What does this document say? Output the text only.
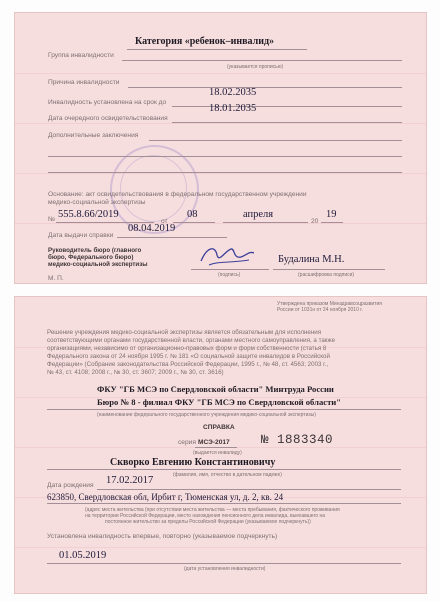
Категория «ребенок–инвалид»
Группа инвалидности
(указывается прописью)
Причина инвалидности
Инвалидность установлена на срок до
18.02.2035
Дата очередного освидетельствования
18.01.2035
Дополнительные заключения
Основание: акт освидетельствования в федеральном государственном учреждении
медико-социальной экспертизы
№ 555.8.66/2019
от
08	апреля
20
19
Дата выдачи справки
08.04.2019
Руководитель бюро (главного
бюро, Федерального бюро)
медико-социальной экспертизы
(подпись)
Будалина М.Н.
(расшифровка подписи)
М. П.
Утверждена приказом Минздравсоцразвития
России от 1031н от 24 ноября 2010 г.
Решение учреждения медико-социальной экспертизы является обязательным для исполнения
соответствующими органами государственной власти, органами местного самоуправления, а также
организациями, независимо от организационно-правовых форм и форм собственности (статья 8
Федерального закона от 24 ноября 1995 г. № 181 «О социальной защите инвалидов в Российской
Федерации» (Собрание законодательства Российской Федерации, 1995 г., № 48, ст. 4563; 2003 г.,
№ 43, ст. 4108; 2008 г., № 30, ст. 3607; 2009 г., № 30, ст. 3616)
ФКУ "ГБ МСЭ по Свердловской области" Минтруда России
Бюро № 8 - филиал ФКУ "ГБ МСЭ по Свердловской области"
(наименование федерального государственного учреждения медико-социальной экспертизы)
СПРАВКА
серия МСЭ-2017	№ 1883340
(выдается инвалиду)
Скворко Евгению Константиновичу
(фамилия, имя, отчество в дательном падеже)
Дата рождения 17.02.2017
623850, Свердловская обл, Ирбит г, Тюменская ул, д. 2, кв. 24
(адрес места жительства (при отсутствии места жительства — места пребывания, фактического проживания
на территории Российской Федерации, место нахождения пенсионного дела инвалида, выехавшего на
постоянное жительство за пределы Российской Федерации (указываемое подчеркнуть))
Установлена инвалидность впервые, повторно (указываемое подчеркнуть)
01.05.2019
(дата установления инвалидности)
